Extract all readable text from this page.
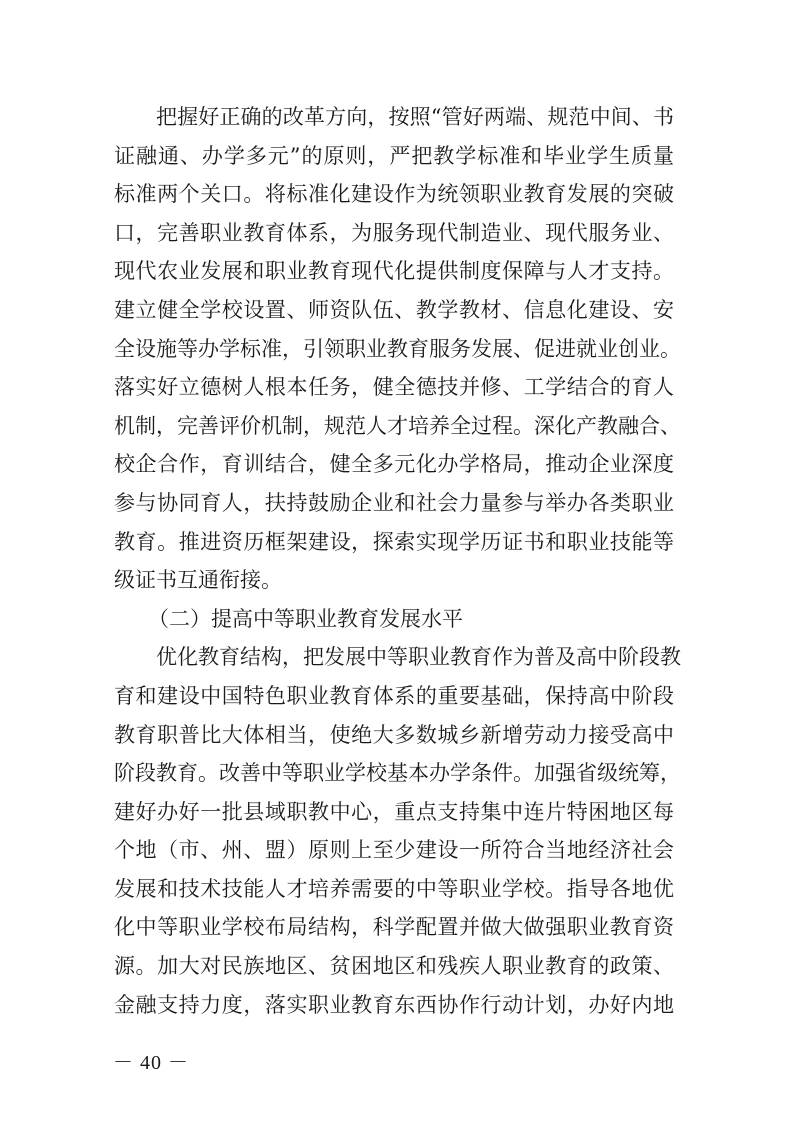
把握好正确的改革方向，按照“管好两端、规范中间、书
证融通、办学多元”的原则，严把教学标准和毕业学生质量
标准两个关口。将标准化建设作为统领职业教育发展的突破
口，完善职业教育体系，为服务现代制造业、现代服务业、
现代农业发展和职业教育现代化提供制度保障与人才支持。
建立健全学校设置、师资队伍、教学教材、信息化建设、安
全设施等办学标准，引领职业教育服务发展、促进就业创业。
落实好立德树人根本任务，健全德技并修、工学结合的育人
机制，完善评价机制，规范人才培养全过程。深化产教融合、
校企合作，育训结合，健全多元化办学格局，推动企业深度
参与协同育人，扶持鼓励企业和社会力量参与举办各类职业
教育。推进资历框架建设，探索实现学历证书和职业技能等
级证书互通衔接。
（二）提高中等职业教育发展水平
优化教育结构，把发展中等职业教育作为普及高中阶段教
育和建设中国特色职业教育体系的重要基础，保持高中阶段
教育职普比大体相当，使绝大多数城乡新增劳动力接受高中
阶段教育。改善中等职业学校基本办学条件。加强省级统筹，
建好办好一批县域职教中心，重点支持集中连片特困地区每
个地（市、州、盟）原则上至少建设一所符合当地经济社会
发展和技术技能人才培养需要的中等职业学校。指导各地优
化中等职业学校布局结构，科学配置并做大做强职业教育资
源。加大对民族地区、贫困地区和残疾人职业教育的政策、
金融支持力度，落实职业教育东西协作行动计划，办好内地
－ 40 －
